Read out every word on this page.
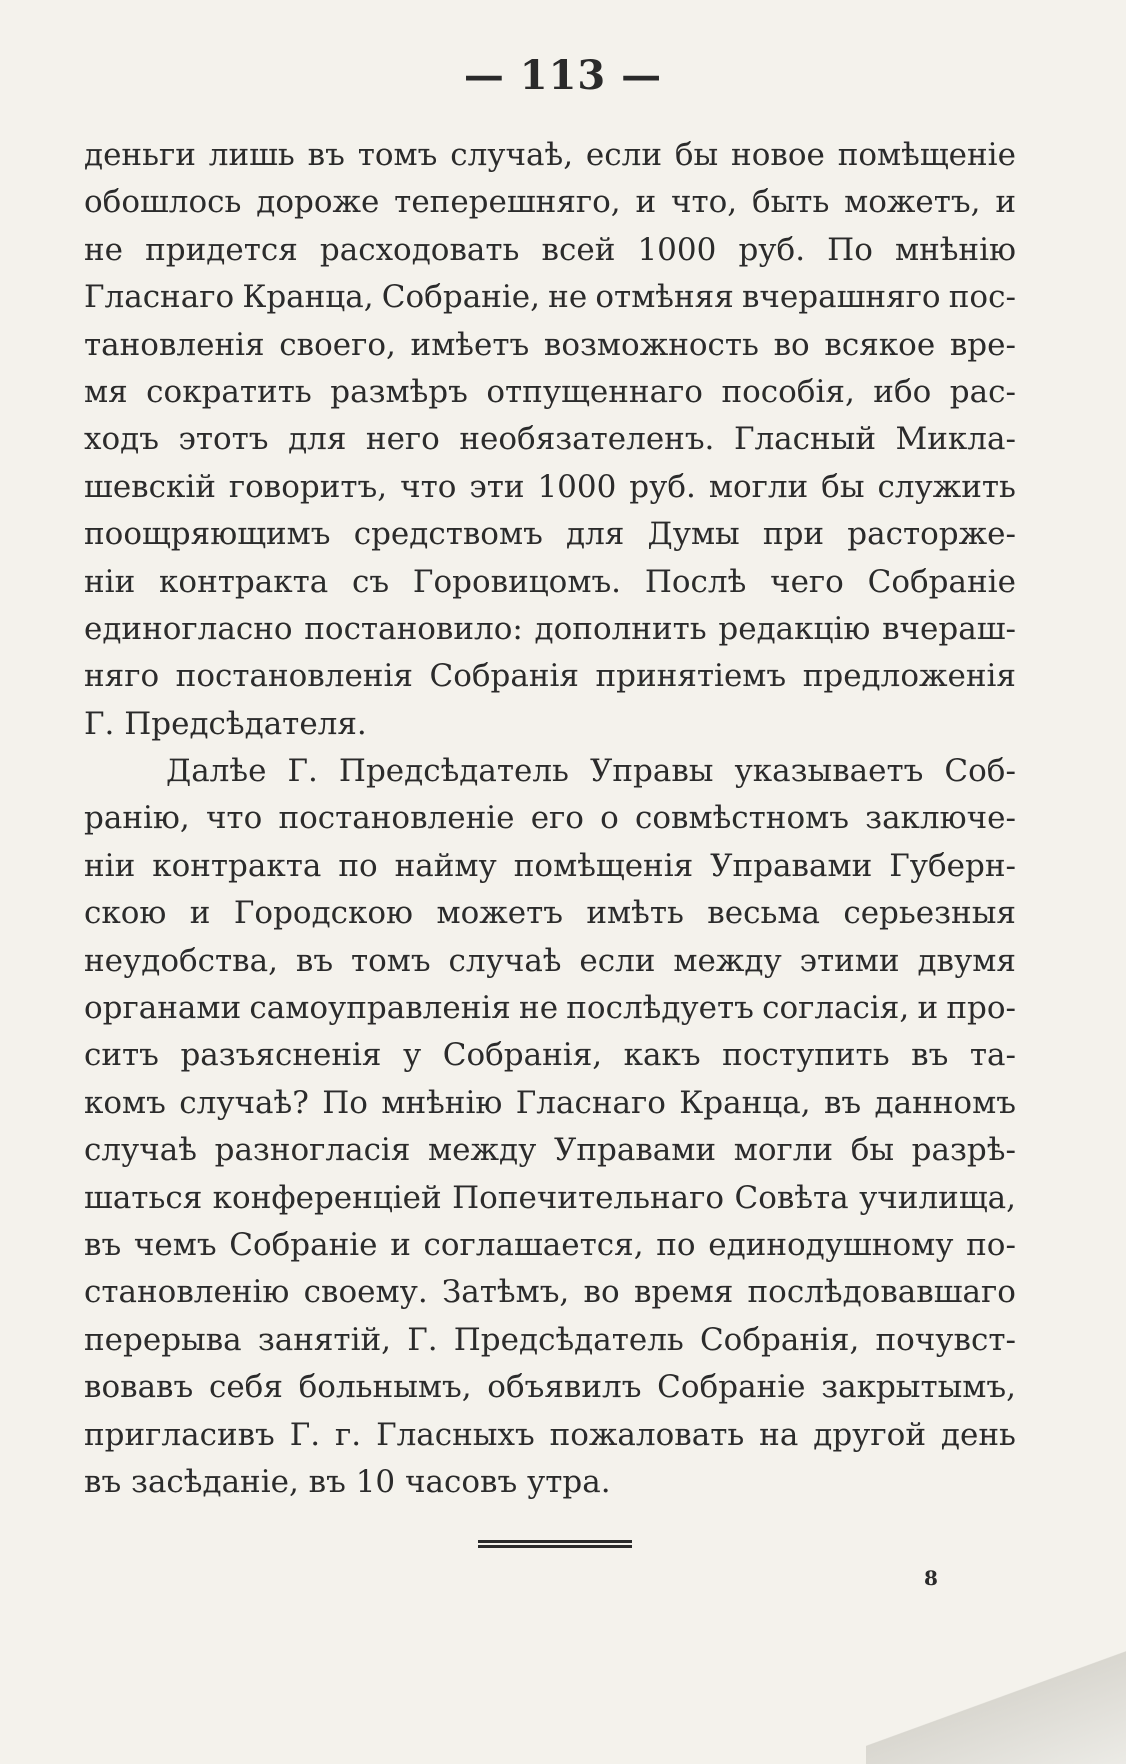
— 113 —
деньги лишь въ томъ случаѣ, если бы новое помѣщеніе
обошлось дороже теперешняго, и что, быть можетъ, и
не придется расходовать всей 1000 руб. По мнѣнію
Гласнаго Кранца, Собраніе, не отмѣняя вчерашняго пос-
тановленія своего, имѣетъ возможность во всякое вре-
мя сократить размѣръ отпущеннаго пособія, ибо рас-
ходъ этотъ для него необязателенъ. Гласный Микла-
шевскій говоритъ, что эти 1000 руб. могли бы служить
поощряющимъ средствомъ для Думы при расторже-
ніи контракта съ Горовицомъ. Послѣ чего Собраніе
единогласно постановило: дополнить редакцію вчераш-
няго постановленія Собранія принятіемъ предложенія
Г. Предсѣдателя.
Далѣе Г. Предсѣдатель Управы указываетъ Соб-
ранію, что постановленіе его о совмѣстномъ заключе-
ніи контракта по найму помѣщенія Управами Губерн-
скою и Городскою можетъ имѣть весьма серьезныя
неудобства, въ томъ случаѣ если между этими двумя
органами самоуправленія не послѣдуетъ согласія, и про-
ситъ разъясненія у Собранія, какъ поступить въ та-
комъ случаѣ? По мнѣнію Гласнаго Кранца, въ данномъ
случаѣ разногласія между Управами могли бы разрѣ-
шаться конференціей Попечительнаго Совѣта училища,
въ чемъ Собраніе и соглашается, по единодушному по-
становленію своему. Затѣмъ, во время послѣдовавшаго
перерыва занятій, Г. Предсѣдатель Собранія, почувст-
вовавъ себя больнымъ, объявилъ Собраніе закрытымъ,
пригласивъ Г. г. Гласныхъ пожаловать на другой день
въ засѣданіе, въ 10 часовъ утра.
8
